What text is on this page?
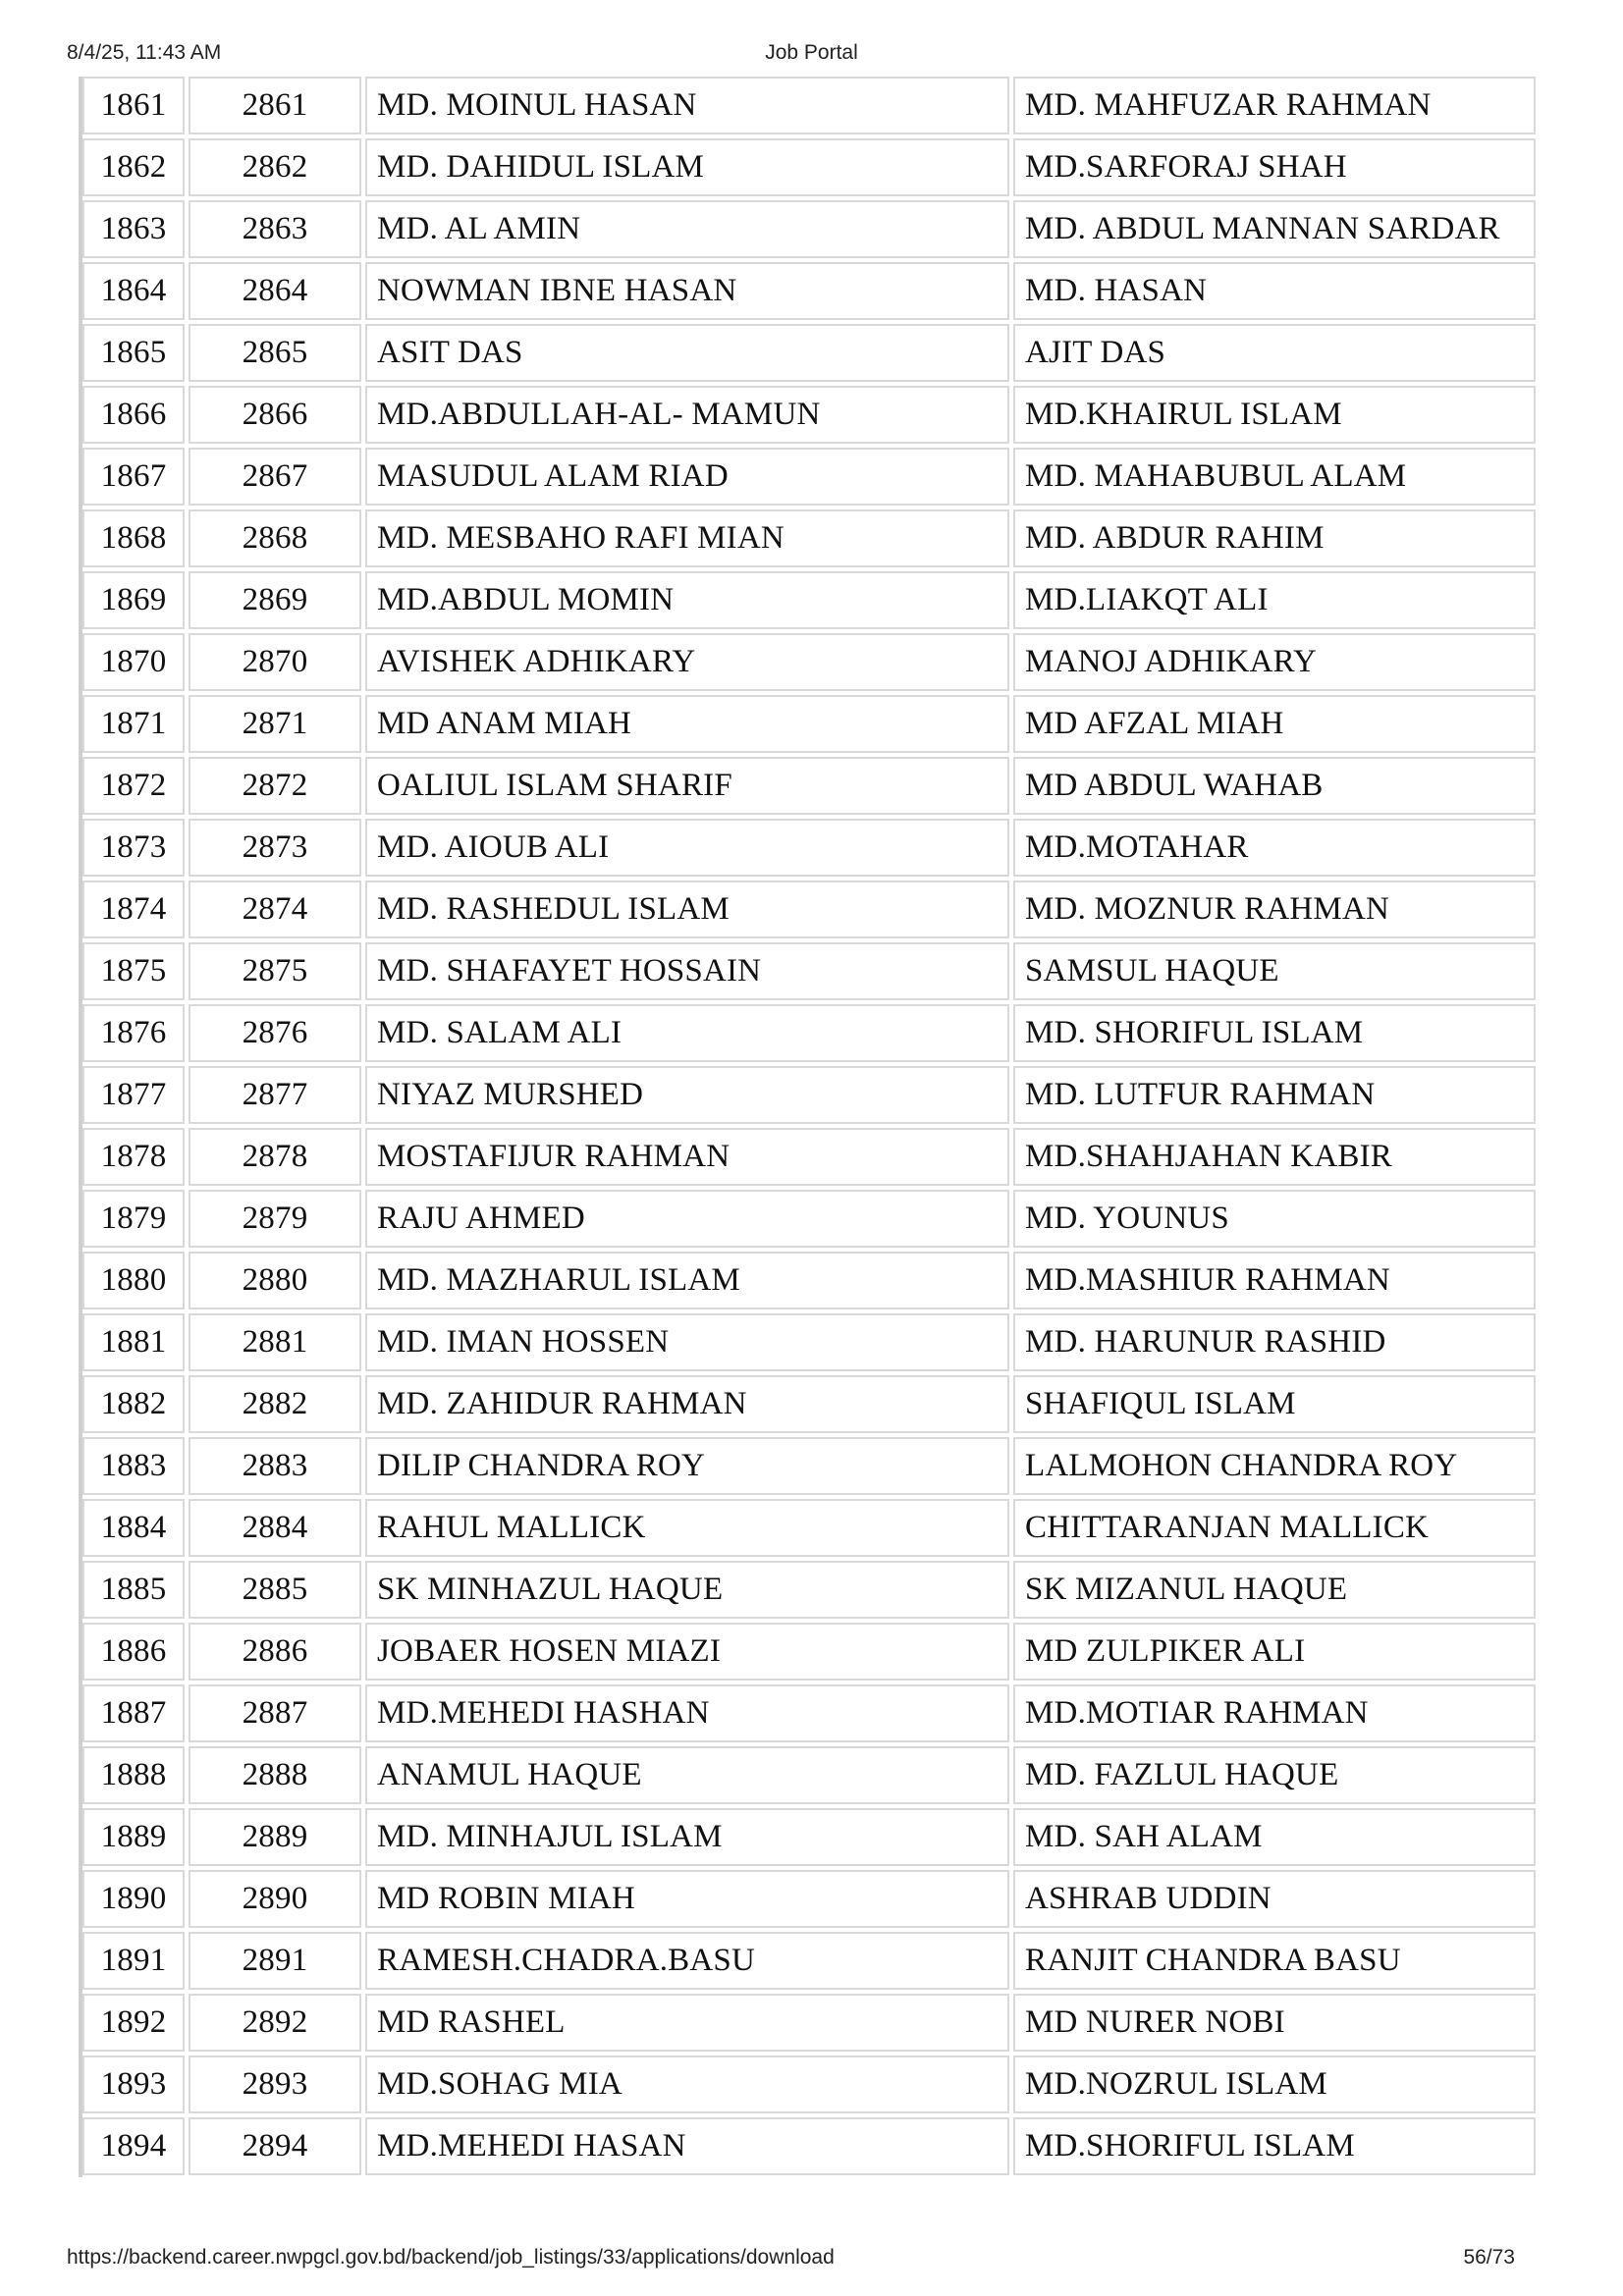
8/4/25, 11:43 AM	Job Portal
1861	2861	MD. MOINUL HASAN	MD. MAHFUZAR RAHMAN
1862	2862	MD. DAHIDUL ISLAM	MD.SARFORAJ SHAH
1863	2863	MD. AL AMIN	MD. ABDUL MANNAN SARDAR
1864	2864	NOWMAN IBNE HASAN	MD. HASAN
1865	2865	ASIT DAS	AJIT DAS
1866	2866	MD.ABDULLAH-AL- MAMUN	MD.KHAIRUL ISLAM
1867	2867	MASUDUL ALAM RIAD	MD. MAHABUBUL ALAM
1868	2868	MD. MESBAHO RAFI MIAN	MD. ABDUR RAHIM
1869	2869	MD.ABDUL MOMIN	MD.LIAKQT ALI
1870	2870	AVISHEK ADHIKARY	MANOJ ADHIKARY
1871	2871	MD ANAM MIAH	MD AFZAL MIAH
1872	2872	OALIUL ISLAM SHARIF	MD ABDUL WAHAB
1873	2873	MD. AIOUB ALI	MD.MOTAHAR
1874	2874	MD. RASHEDUL ISLAM	MD. MOZNUR RAHMAN
1875	2875	MD. SHAFAYET HOSSAIN	SAMSUL HAQUE
1876	2876	MD. SALAM ALI	MD. SHORIFUL ISLAM
1877	2877	NIYAZ MURSHED	MD. LUTFUR RAHMAN
1878	2878	MOSTAFIJUR RAHMAN	MD.SHAHJAHAN KABIR
1879	2879	RAJU AHMED	MD. YOUNUS
1880	2880	MD. MAZHARUL ISLAM	MD.MASHIUR RAHMAN
1881	2881	MD. IMAN HOSSEN	MD. HARUNUR RASHID
1882	2882	MD. ZAHIDUR RAHMAN	SHAFIQUL ISLAM
1883	2883	DILIP CHANDRA ROY	LALMOHON CHANDRA ROY
1884	2884	RAHUL MALLICK	CHITTARANJAN MALLICK
1885	2885	SK MINHAZUL HAQUE	SK MIZANUL HAQUE
1886	2886	JOBAER HOSEN MIAZI	MD ZULPIKER ALI
1887	2887	MD.MEHEDI HASHAN	MD.MOTIAR RAHMAN
1888	2888	ANAMUL HAQUE	MD. FAZLUL HAQUE
1889	2889	MD. MINHAJUL ISLAM	MD. SAH ALAM
1890	2890	MD ROBIN MIAH	ASHRAB UDDIN
1891	2891	RAMESH.CHADRA.BASU	RANJIT CHANDRA BASU
1892	2892	MD RASHEL	MD NURER NOBI
1893	2893	MD.SOHAG MIA	MD.NOZRUL ISLAM
1894	2894	MD.MEHEDI HASAN	MD.SHORIFUL ISLAM
https://backend.career.nwpgcl.gov.bd/backend/job_listings/33/applications/download	56/73
